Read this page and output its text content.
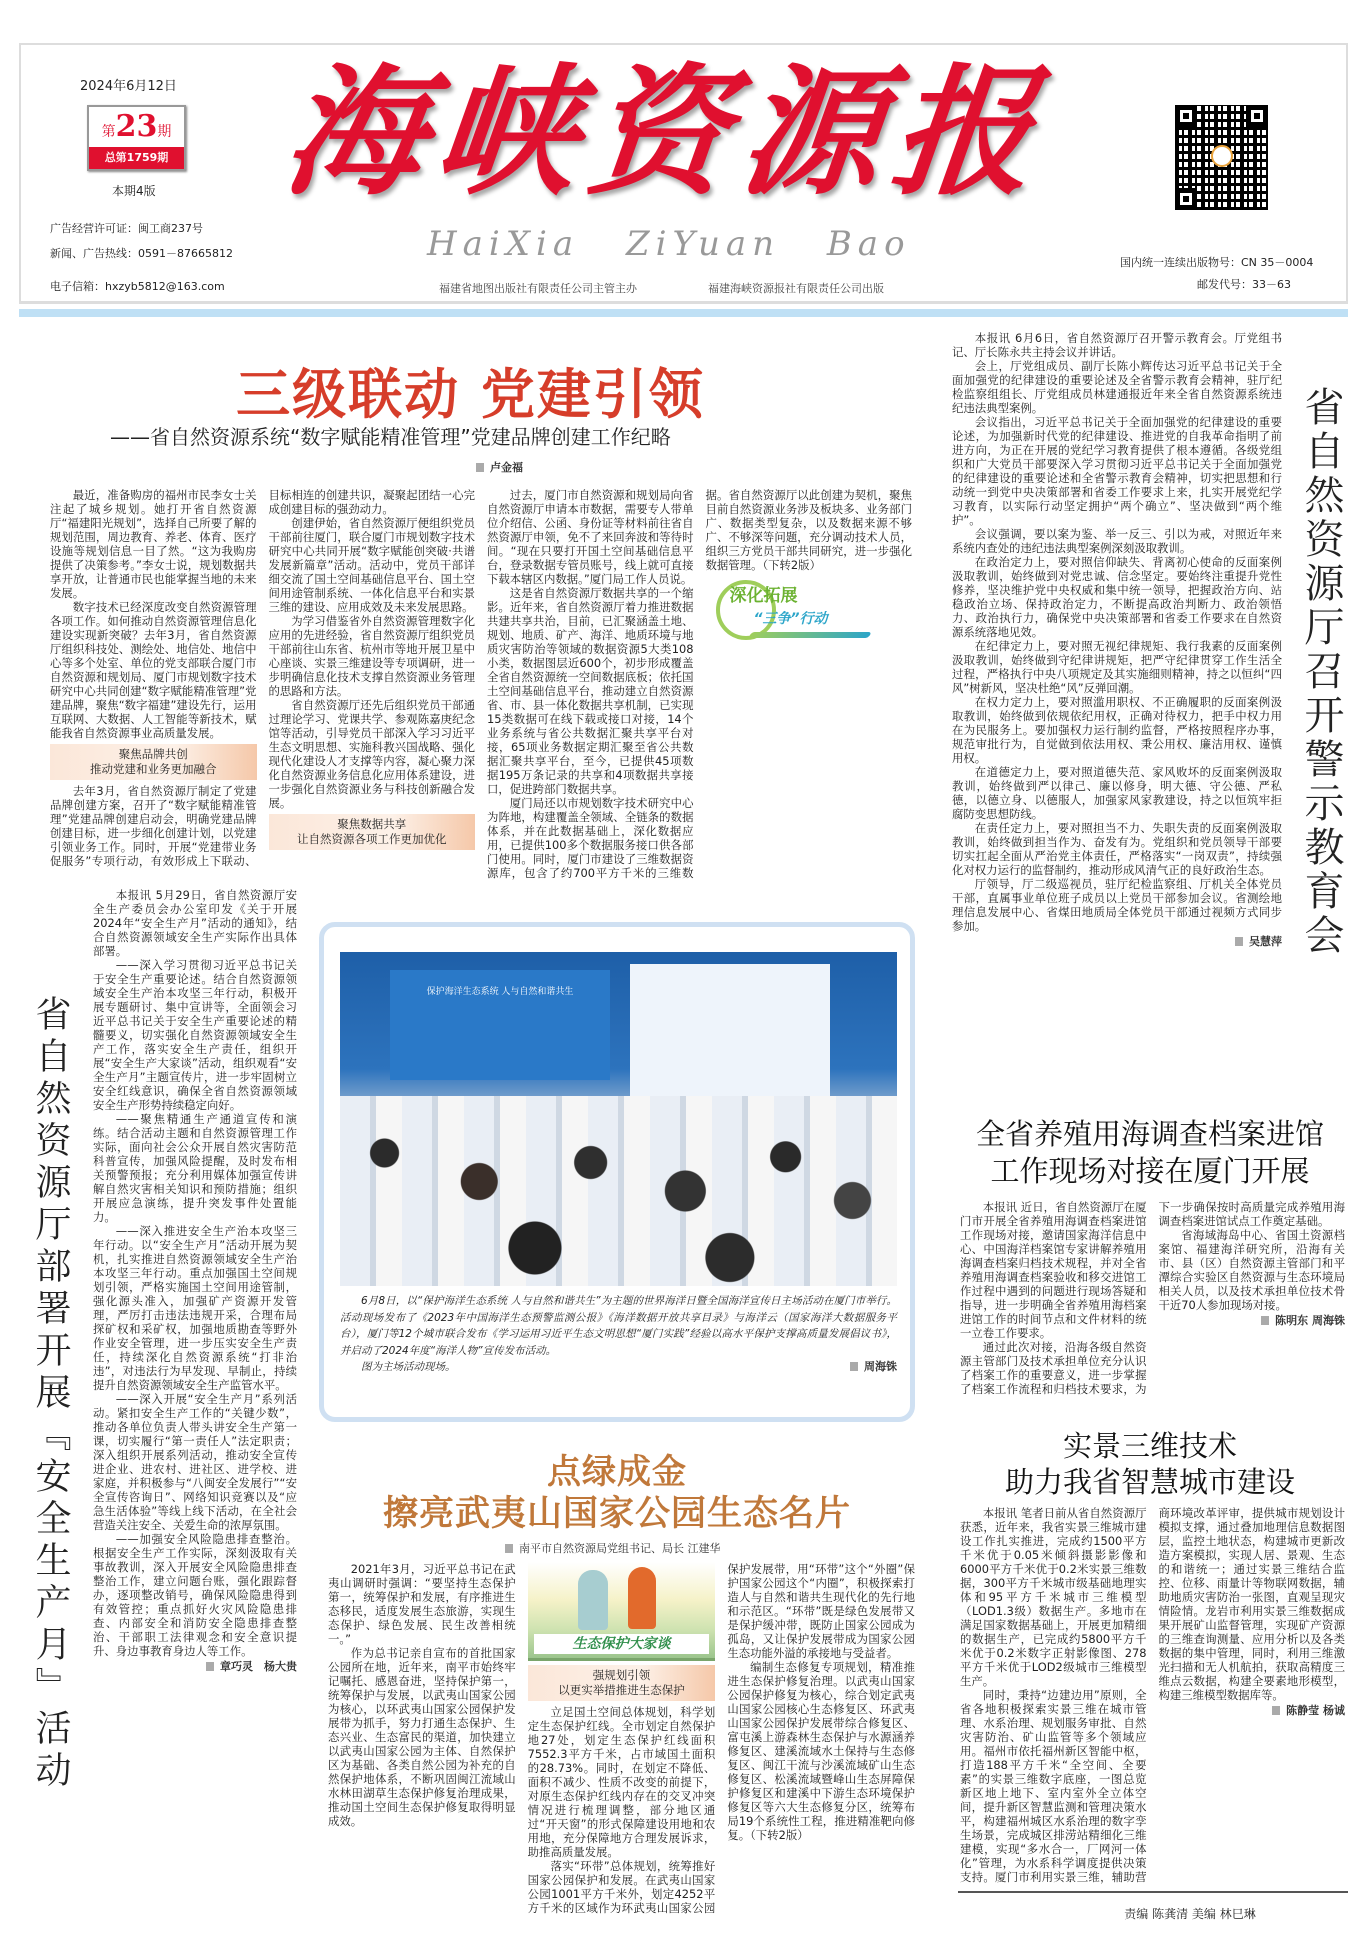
2024年6月12日
第23期
总第1759期
本期4版
广告经营许可证：闽工商237号
新闻、广告热线：0591－87665812
电子信箱：hxzyb5812@163.com
海峡资源报
HaiXia ZiYuan Bao
福建省地图出版社有限责任公司主管主办	福建海峡资源报社有限责任公司出版
国内统一连续出版物号：CN 35－0004
邮发代号：33－63
三级联动 党建引领
——省自然资源系统“数字赋能精准管理”党建品牌创建工作纪略
卢金福

最近，准备购房的福州市民李女士关注起了城乡规划。她打开省自然资源厅“福建阳光规划”，选择自己所要了解的规划范围，周边教育、养老、体育、医疗设施等规划信息一目了然。“这为我购房提供了决策参考。”李女士说，规划数据共享开放，让普通市民也能掌握当地的未来发展。

数字技术已经深度改变自然资源管理各项工作。如何推动自然资源管理信息化建设实现新突破？去年3月，省自然资源厅组织科技处、测绘处、地信处、地信中心等多个处室、单位的党支部联合厦门市自然资源和规划局、厦门市规划数字技术研究中心共同创建“数字赋能精准管理”党建品牌，聚焦“数字福建”建设先行，运用互联网、大数据、人工智能等新技术，赋能我省自然资源事业高质量发展。

聚焦品牌共创
推动党建和业务更加融合

去年3月，省自然资源厅制定了党建品牌创建方案，召开了“数字赋能精准管理”党建品牌创建启动会，明确党建品牌创建目标，进一步细化创建计划，以党建引领业务工作。同时，开展“党建带业务促服务”专项行动，有效形成上下联动、目标相连的创建共识，凝聚起团结一心完成创建目标的强劲动力。

创建伊始，省自然资源厅便组织党员干部前往厦门，联合厦门市规划数字技术研究中心共同开展“数字赋能创突破·共谱发展新篇章”活动。活动中，党员干部详细交流了国土空间基础信息平台、国土空间用途管制系统、一体化信息平台和实景三维的建设、应用成效及未来发展思路。

为学习借鉴省外自然资源管理数字化应用的先进经验，省自然资源厅组织党员干部前往山东省、杭州市等地开展卫星中心座谈、实景三维建设等专项调研，进一步明确信息化技术支撑自然资源业务管理的思路和方法。

省自然资源厅还先后组织党员干部通过理论学习、党课共学、参观陈嘉庚纪念馆等活动，引导党员干部深入学习习近平生态文明思想、实施科教兴国战略、强化现代化建设人才支撑等内容，凝心聚力深化自然资源业务信息化应用体系建设，进一步强化自然资源业务与科技创新融合发展。

聚焦数据共享
让自然资源各项工作更加优化

过去，厦门市自然资源和规划局向省自然资源厅申请本市数据，需要专人带单位介绍信、公函、身份证等材料前往省自然资源厅申领，免不了来回奔波和等待时间。“现在只要打开国土空间基础信息平台，登录数据专管员账号，线上就可直接下载本辖区内数据。”厦门局工作人员说。

这是省自然资源厅数据共享的一个缩影。近年来，省自然资源厅着力推进数据共建共享共治，目前，已汇聚涵盖土地、规划、地质、矿产、海洋、地质环境与地质灾害防治等领域的数据资源5大类108小类，数据图层近600个，初步形成覆盖全省自然资源统一空间数据底板；依托国土空间基础信息平台，推动建立自然资源省、市、县一体化数据共享机制，已实现15类数据可在线下载或接口对接，14个业务系统与省公共数据汇聚共享平台对接，65项业务数据定期汇聚至省公共数据汇聚共享平台，至今，已提供45项数据195万条记录的共享和4项数据共享接口，促进跨部门数据共享。

厦门局还以市规划数字技术研究中心为阵地，构建覆盖全领域、全链条的数据体系，并在此数据基础上，深化数据应用，已提供100多个数据服务接口供各部门使用。同时，厦门市建设了三维数据资源库，包含了约700平方千米的三维数据。省自然资源厅以此创建为契机，聚焦目前自然资源业务涉及板块多、业务部门广、数据类型复杂，以及数据来源不够广、不够深等问题，充分调动技术人员，组织三方党员干部共同研究，进一步强化数据管理。（下转2版）

深化拓展
“三争”行动

本报讯 6月6日，省自然资源厅召开警示教育会。厅党组书记、厅长陈永共主持会议并讲话。

会上，厅党组成员、副厅长陈小辉传达习近平总书记关于全面加强党的纪律建设的重要论述及全省警示教育会精神，驻厅纪检监察组组长、厅党组成员林建通报近年来全省自然资源系统违纪违法典型案例。

会议指出，习近平总书记关于全面加强党的纪律建设的重要论述，为加强新时代党的纪律建设、推进党的自我革命指明了前进方向，为正在开展的党纪学习教育提供了根本遵循。各级党组织和广大党员干部要深入学习贯彻习近平总书记关于全面加强党的纪律建设的重要论述和全省警示教育会精神，切实把思想和行动统一到党中央决策部署和省委工作要求上来，扎实开展党纪学习教育，以实际行动坚定拥护“两个确立”、坚决做到“两个维护”。

会议强调，要以案为鉴、举一反三、引以为戒，对照近年来系统内查处的违纪违法典型案例深刻汲取教训。

在政治定力上，要对照信仰缺失、背离初心使命的反面案例汲取教训，始终做到对党忠诚、信念坚定。要始终注重提升党性修养，坚决维护党中央权威和集中统一领导，把握政治方向、站稳政治立场、保持政治定力，不断提高政治判断力、政治领悟力、政治执行力，确保党中央决策部署和省委工作要求在自然资源系统落地见效。

在纪律定力上，要对照无视纪律规矩、我行我素的反面案例汲取教训，始终做到守纪律讲规矩，把严守纪律贯穿工作生活全过程，严格执行中央八项规定及其实施细则精神，持之以恒纠“四风”树新风，坚决杜绝“风”反弹回潮。

在权力定力上，要对照滥用职权、不正确履职的反面案例汲取教训，始终做到依规依纪用权，正确对待权力，把手中权力用在为民服务上。要加强权力运行制约监督，严格按照程序办事，规范审批行为，自觉做到依法用权、秉公用权、廉洁用权、谨慎用权。

在道德定力上，要对照道德失范、家风败坏的反面案例汲取教训，始终做到严以律己、廉以修身，明大德、守公德、严私德，以德立身、以德服人，加强家风家教建设，持之以恒筑牢拒腐防变思想防线。

在责任定力上，要对照担当不力、失职失责的反面案例汲取教训，始终做到担当作为、奋发有为。党组织和党员领导干部要切实扛起全面从严治党主体责任，严格落实“一岗双责”，持续强化对权力运行的监督制约，推动形成风清气正的良好政治生态。

厅领导，厅二级巡视员，驻厅纪检监察组、厅机关全体党员干部，直属事业单位班子成员以上党员干部参加会议。省测绘地理信息发展中心、省煤田地质局全体党员干部通过视频方式同步参加。

吴慧萍 省自然资源厅召开警示教育会
省自然资源厅部署开展『安全生产月』活动

本报讯 5月29日，省自然资源厅安全生产委员会办公室印发《关于开展2024年“安全生产月”活动的通知》，结合自然资源领域安全生产实际作出具体部署。

——深入学习贯彻习近平总书记关于安全生产重要论述。结合自然资源领域安全生产治本攻坚三年行动，积极开展专题研讨、集中宣讲等，全面领会习近平总书记关于安全生产重要论述的精髓要义，切实强化自然资源领域安全生产工作，落实安全生产责任，组织开展“安全生产大家谈”活动，组织观看“安全生产月”主题宣传片，进一步牢固树立安全红线意识，确保全省自然资源领域安全生产形势持续稳定向好。

——聚焦精通生产通道宣传和演练。结合活动主题和自然资源管理工作实际，面向社会公众开展自然灾害防范科普宣传，加强风险提醒，及时发布相关预警预报；充分利用媒体加强宣传讲解自然灾害相关知识和预防措施；组织开展应急演练，提升突发事件处置能力。

——深入推进安全生产治本攻坚三年行动。以“安全生产月”活动开展为契机，扎实推进自然资源领域安全生产治本攻坚三年行动。重点加强国土空间规划引领，严格实施国土空间用途管制，强化源头准入，加强矿产资源开发管理，严厉打击违法违规开采，合理布局探矿权和采矿权，加强地质勘查等野外作业安全管理，进一步压实安全生产责任，持续深化自然资源系统“打非治违”，对违法行为早发现、早制止，持续提升自然资源领域安全生产监管水平。

——深入开展“安全生产月”系列活动。紧扣安全生产工作的“关键少数”，推动各单位负责人带头讲安全生产第一课，切实履行“第一责任人”法定职责；深入组织开展系列活动，推动安全宣传进企业、进农村、进社区、进学校、进家庭，并积极参与“八闽安全发展行”“安全宣传咨询日”、网络知识竞赛以及“应急生活体验”等线上线下活动，在全社会营造关注安全、关爱生命的浓厚氛围。

——加强安全风险隐患排查整治。根据安全生产工作实际，深刻汲取有关事故教训，深入开展安全风险隐患排查整治工作，建立问题台账，强化跟踪督办，逐项整改销号，确保风险隐患得到有效管控；重点抓好火灾风险隐患排查、内部安全和消防安全隐患排查整治、干部职工法律观念和安全意识提升、身边事教育身边人等工作。

章巧灵　杨大贵
保护海洋生态系统 人与自然和谐共生

6月8日，以“保护海洋生态系统 人与自然和谐共生”为主题的世界海洋日暨全国海洋宣传日主场活动在厦门市举行。活动现场发布了《2023年中国海洋生态预警监测公报》《海洋数据开放共享目录》与海洋云（国家海洋大数据服务平台），厦门等12个城市联合发布《学习运用习近平生态文明思想“厦门实践”经验以高水平保护支撑高质量发展倡议书》，并启动了2024年度“海洋人物”宣传发布活动。

图为主场活动现场。	周海铢

点绿成金
擦亮武夷山国家公园生态名片
南平市自然资源局党组书记、局长 江建华

2021年3月，习近平总书记在武夷山调研时强调：“要坚持生态保护第一，统筹保护和发展，有序推进生态移民，适度发展生态旅游，实现生态保护、绿色发展、民生改善相统一。”

作为总书记亲自宣布的首批国家公园所在地，近年来，南平市始终牢记嘱托、感恩奋进，坚持保护第一，统筹保护与发展，以武夷山国家公园为核心，以环武夷山国家公园保护发展带为抓手，努力打通生态保护、生态兴业、生态富民的渠道，加快建立以武夷山国家公园为主体、自然保护区为基础、各类自然公园为补充的自然保护地体系，不断巩固闽江流域山水林田湖草生态保护修复治理成果，推动国土空间生态保护修复取得明显成效。

生态保护大家谈

强规划引领
以更实举措推进生态保护

立足国土空间总体规划，科学划定生态保护红线。全市划定自然保护地27处，划定生态保护红线面积7552.3平方千米，占市域国土面积的28.73%。同时，在划定不降低、面积不减少、性质不改变的前提下，对原生态保护红线内存在的交叉冲突情况进行梳理调整，部分地区通过“开天窗”的形式保障建设用地和农用地，充分保障地方合理发展诉求，助推高质量发展。

落实“环带”总体规划，统筹推好国家公园保护和发展。在武夷山国家公园1001平方千米外，划定4252平方千米的区域作为环武夷山国家公园保护发展带，用“环带”这个“外圈”保护国家公园这个“内圈”，积极探索打造人与自然和谐共生现代化的先行地和示范区。“环带”既是绿色发展带又是保护缓冲带，既防止国家公园成为孤岛，又让保护发展带成为国家公园生态功能外溢的承接地与受益者。

编制生态修复专项规划，精准推进生态保护修复治理。以武夷山国家公园保护修复为核心，综合划定武夷山国家公园核心生态修复区、环武夷山国家公园保护发展带综合修复区、富屯溪上游森林生态保护与水源涵养修复区、建溪流域水土保持与生态修复区、闽江干流与沙溪流域矿山生态修复区、松溪流域暨峰山生态屏障保护修复区和建溪中下游生态环境保护修复区等六大生态修复分区，统筹布局19个系统性工程，推进精准靶向修复。（下转2版）

全省养殖用海调查档案进馆
工作现场对接在厦门开展

本报讯 近日，省自然资源厅在厦门市开展全省养殖用海调查档案进馆工作现场对接，邀请国家海洋信息中心、中国海洋档案馆专家讲解养殖用海调查档案归档技术规程，并对全省养殖用海调查档案验收和移交进馆工作过程中遇到的问题进行现场答疑和指导，进一步明确全省养殖用海档案进馆工作的时间节点和文件材料的统一立卷工作要求。

通过此次对接，沿海各级自然资源主管部门及技术承担单位充分认识了档案工作的重要意义，进一步掌握了档案工作流程和归档技术要求，为下一步确保按时高质量完成养殖用海调查档案进馆试点工作奠定基础。

省海域海岛中心、省国土资源档案馆、福建海洋研究所，沿海有关市、县（区）自然资源主管部门和平潭综合实验区自然资源与生态环境局相关人员，以及技术承担单位技术骨干近70人参加现场对接。

陈明东 周海铢
实景三维技术
助力我省智慧城市建设

本报讯 笔者日前从省自然资源厅获悉，近年来，我省实景三维城市建设工作扎实推进，完成约1500平方千米优于0.05米倾斜摄影影像和6000平方千米优于0.2米实景三维数据，300平方千米城市级基础地理实体和95平方千米城市三维模型（LOD1.3级）数据生产。多地市在满足国家数据基础上，开展更加精细的数据生产，已完成约5800平方千米优于0.2米数字正射影像图、278平方千米优于LOD2级城市三维模型生产。

同时，秉持“边建边用”原则，全省各地积极探索实景三维在城市管理、水系治理、规划服务审批、自然灾害防治、矿山监管等多个领域应用。福州市依托福州新区智能中枢，打造188平方千米“全空间、全要素”的实景三维数字底座，一图总览新区地上地下、室内室外全立体空间，提升新区智慧监测和管理决策水平，构建福州城区水系治理的数字孪生场景，完成城区排涝站精细化三维建模，实现“多水合一，厂网河一体化”管理，为水系科学调度提供决策支持。厦门市利用实景三维，辅助营商环境改革评审，提供城市规划设计模拟支撑，通过叠加地理信息数据图层，监控土地状态，构建城市更新改造方案模拟，实现人居、景观、生态的和谐统一；通过实景三维结合监控、位移、雨量计等物联网数据，辅助地质灾害防治一张图，直观呈现灾情险情。龙岩市利用实景三维数据成果开展矿山监督管理，实现矿产资源的三维查询测量、应用分析以及各类数据的集中管理，同时，利用三维激光扫描和无人机航拍，获取高精度三维点云数据，构建全要素地形模型，构建三维模型数据库等。

陈静莹 杨诚
责编 陈龚清 美编 林巳琳
